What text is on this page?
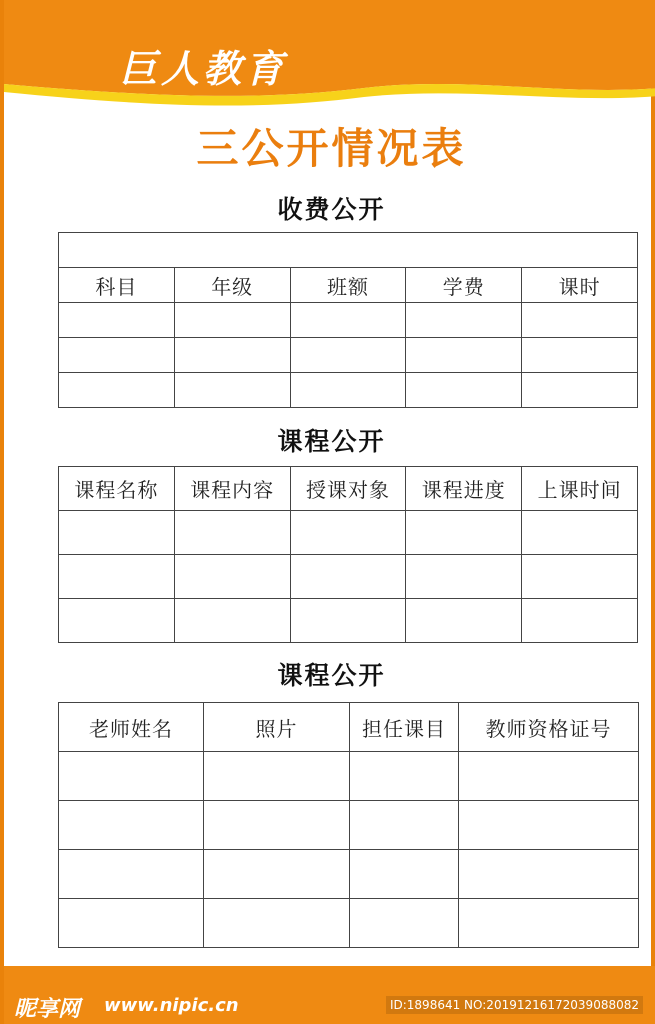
巨人教育
三公开情况表
收费公开

科目	年级	班额	学费	课时

课程公开
课程名称	课程内容	授课对象	课程进度	上课时间

课程公开
老师姓名	照片	担任课目	教师资格证号

昵享网 www.nipic.cn	ID:1898641 NO:20191216172039088082
